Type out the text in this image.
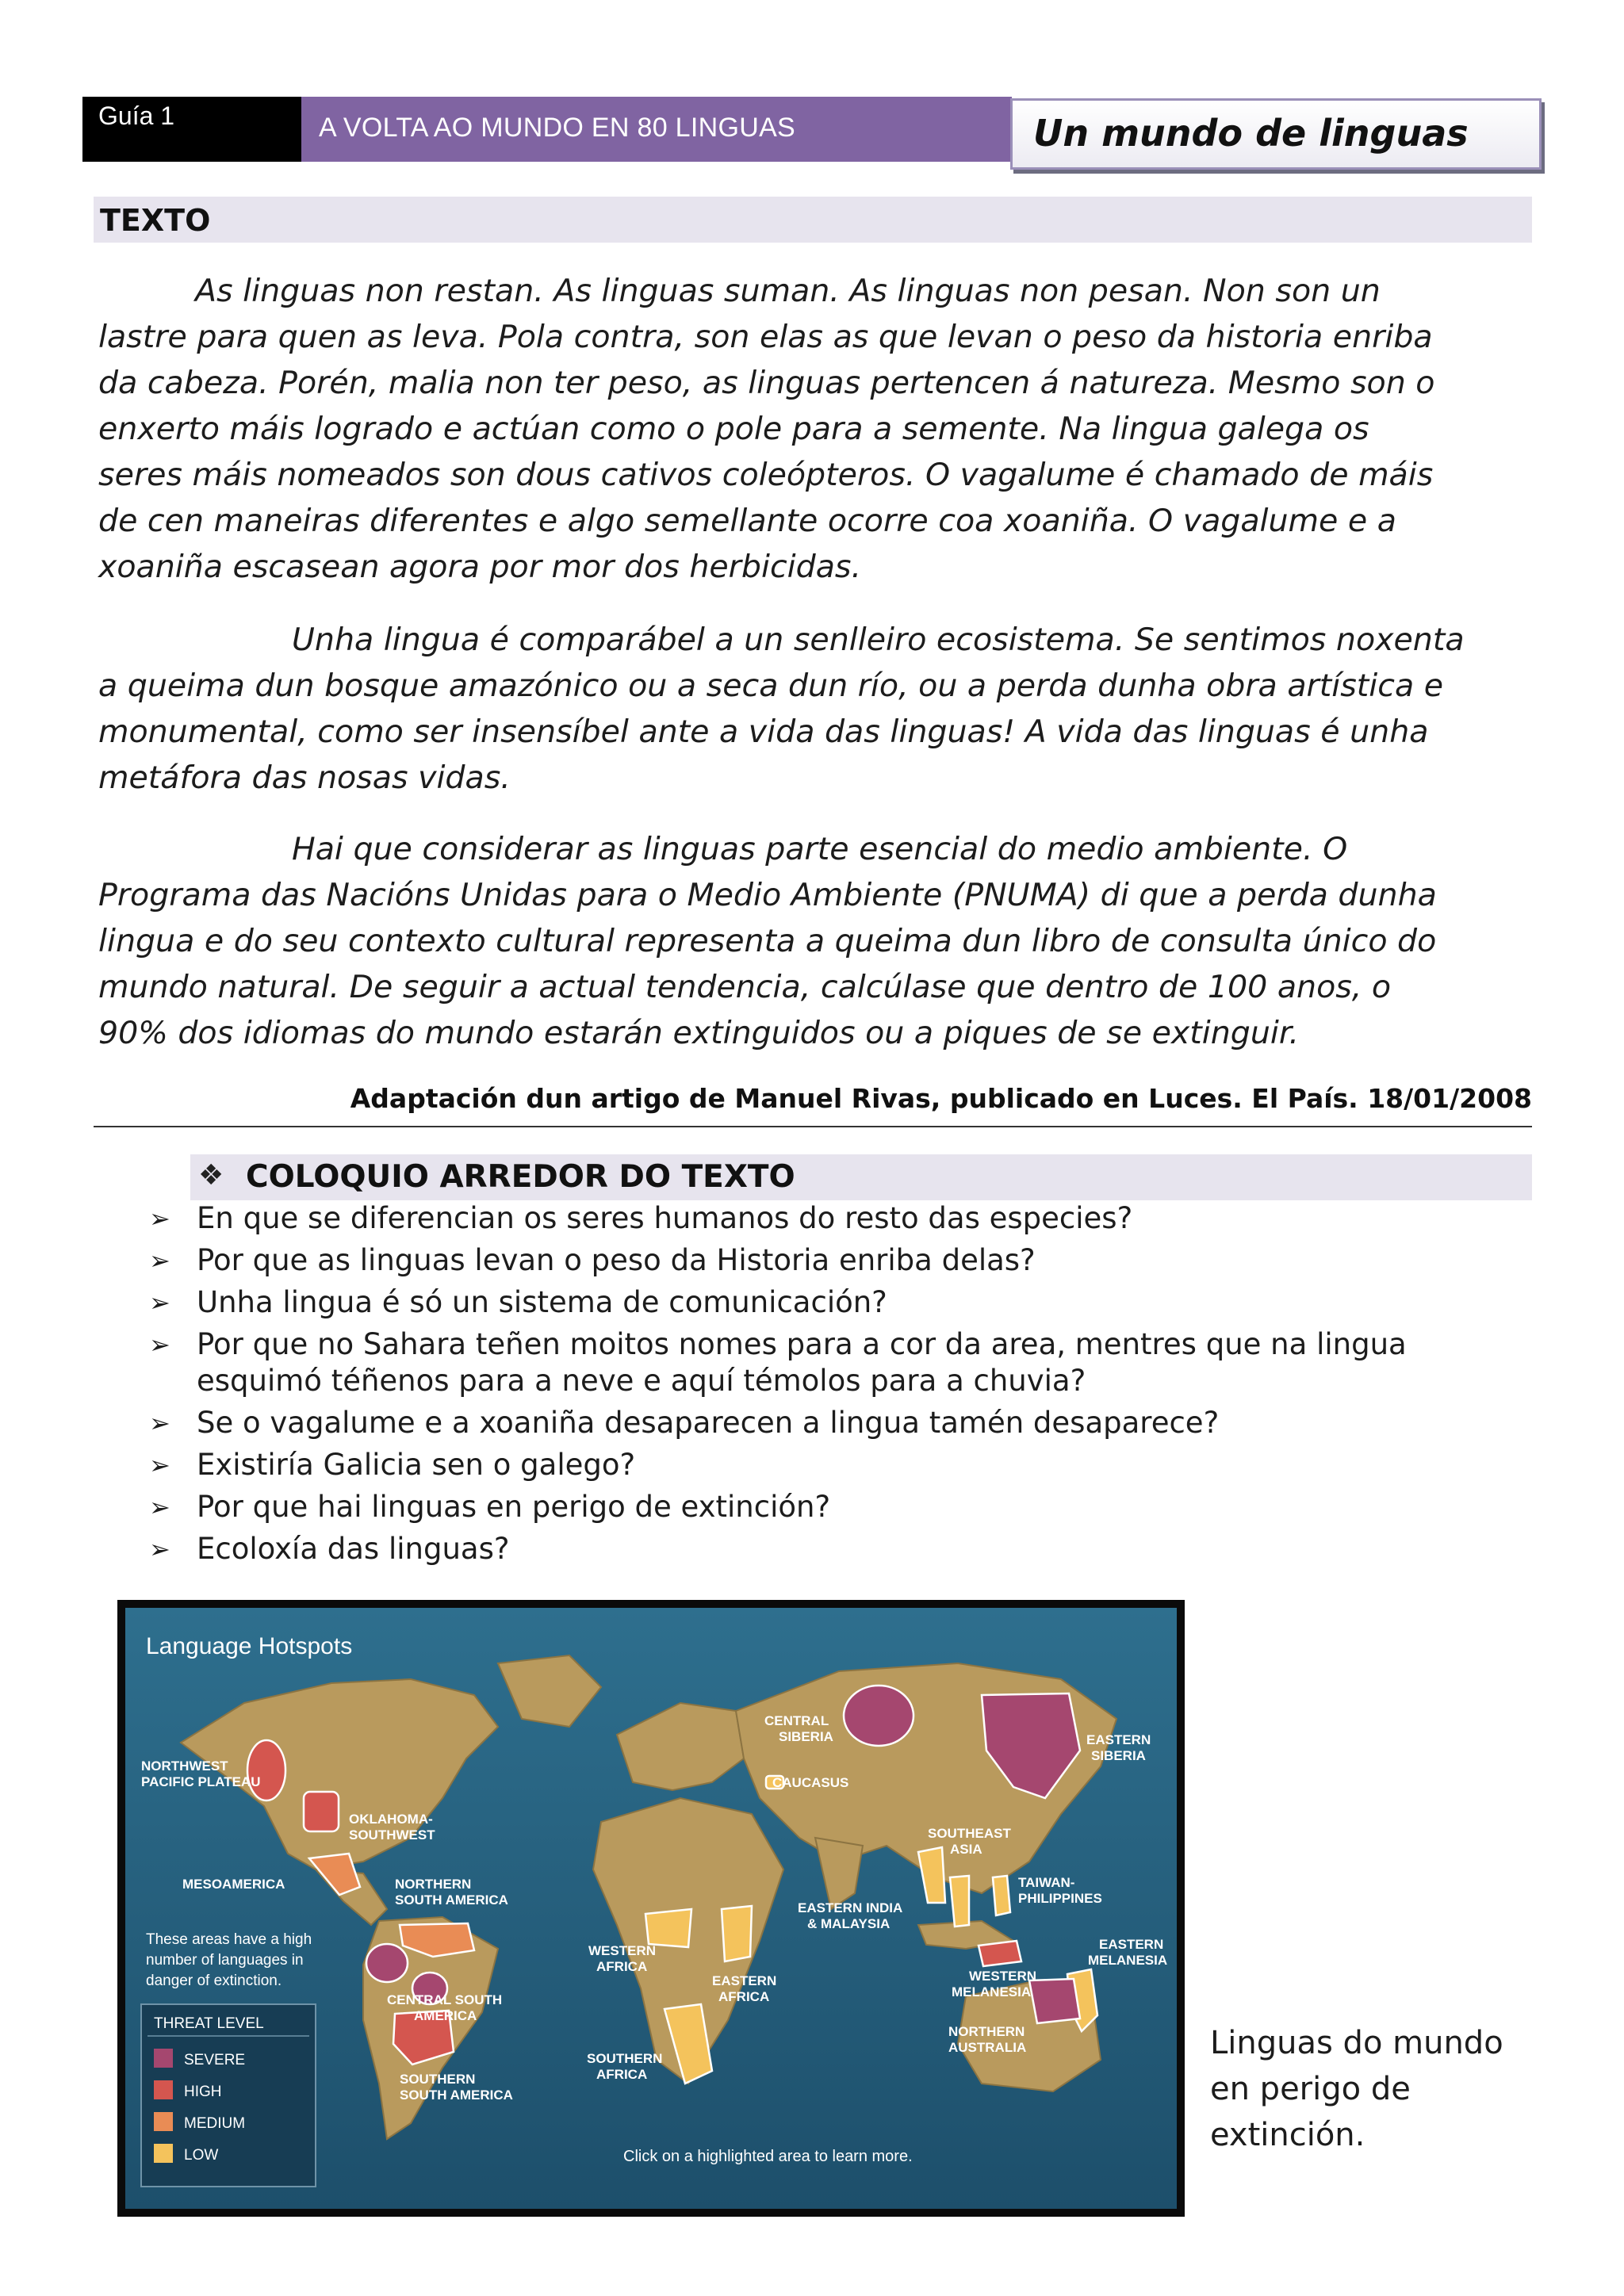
Guía 1	A VOLTA AO MUNDO EN 80 LINGUAS	Un mundo de linguas
TEXTO

As linguas non restan. As linguas suman. As linguas non pesan. Non son un

lastre para quen as leva. Pola contra, son elas as que levan o peso da historia enriba

da cabeza. Porén, malia non ter peso, as linguas pertencen á natureza. Mesmo son o

enxerto máis logrado e actúan como o pole para a semente. Na lingua galega os

seres máis nomeados son dous cativos coleópteros. O vagalume é chamado de máis

de cen maneiras diferentes e algo semellante ocorre coa xoaniña. O vagalume e a

xoaniña escasean agora por mor dos herbicidas.

Unha lingua é comparábel a un senlleiro ecosistema. Se sentimos noxenta

a queima dun bosque amazónico ou a seca dun río, ou a perda dunha obra artística e

monumental, como ser insensíbel ante a vida das linguas! A vida das linguas é unha

metáfora das nosas vidas.

Hai que considerar as linguas parte esencial do medio ambiente. O

Programa das Nacións Unidas para o Medio Ambiente (PNUMA) di que a perda dunha

lingua e do seu contexto cultural representa a queima dun libro de consulta único do

mundo natural. De seguir a actual tendencia, calcúlase que dentro de 100 anos, o

90% dos idiomas do mundo estarán extinguidos ou a piques de se extinguir.

Adaptación dun artigo de Manuel Rivas, publicado en Luces. El País. 18/01/2008
❖ COLOQUIO ARREDOR DO TEXTO
➢ En que se diferencian os seres humanos do resto das especies?
➢ Por que as linguas levan o peso da Historia enriba delas?
➢ Unha lingua é só un sistema de comunicación?
➢ Por que no Sahara teñen moitos nomes para a cor da area, mentres que na lingua
esquimó téñenos para a neve e aquí témolos para a chuvia?
➢ Se o vagalume e a xoaniña desaparecen a lingua tamén desaparece?
➢ Existiría Galicia sen o galego?
➢ Por que hai linguas en perigo de extinción?
➢ Ecoloxía das linguas?
Language Hotspots
NORTHWEST
PACIFIC PLATEAU
OKLAHOMA-
SOUTHWEST
MESOAMERICA	NORTHERN
SOUTH AMERICA
CENTRAL SOUTH
AMERICA
SOUTHERN
SOUTH AMERICA
CENTRAL
SIBERIA
CAUCASUS
EASTERN
SIBERIA
SOUTHEAST
ASIA
TAIWAN-
PHILIPPINES
EASTERN INDIA
& MALAYSIA
WESTERN
AFRICA
EASTERN
AFRICA
SOUTHERN
AFRICA
WESTERN
MELANESIA
EASTERN
MELANESIA
NORTHERN
AUSTRALIA
These areas have a high
number of languages in
danger of extinction.
THREAT LEVEL
SEVERE
HIGH
MEDIUM
LOW	Click on a highlighted area to learn more.
Linguas do mundo
en perigo de
extinción.
